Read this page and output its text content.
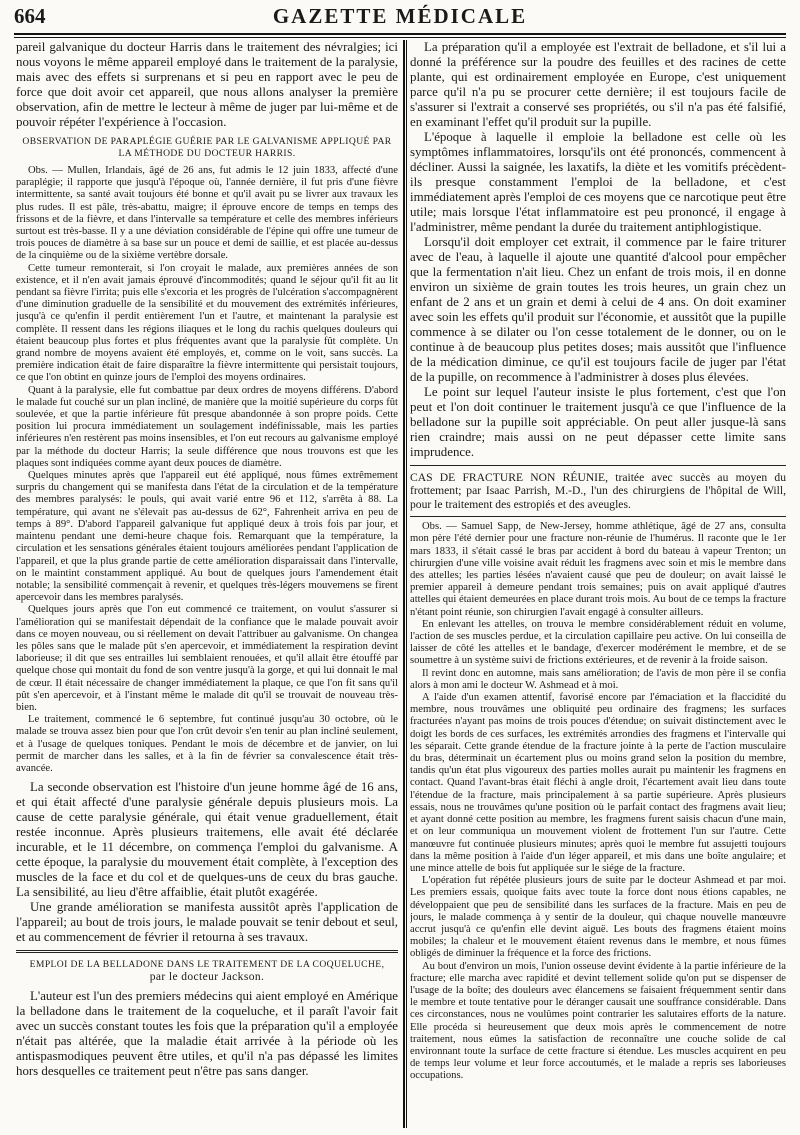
664	GAZETTE MÉDICALE

pareil galvanique du docteur Harris dans le traitement des névralgies; ici nous voyons le même appareil employé dans le traitement de la paralysie, mais avec des effets si surprenans et si peu en rapport avec le peu de force que doit avoir cet appareil, que nous allons analyser la première observation, afin de mettre le lecteur à même de juger par lui-même et de pouvoir répéter l'expérience à l'occasion.

OBSERVATION DE PARAPLÉGIE GUÉRIE PAR LE GALVANISME APPLIQUÉ PAR LA MÉTHODE DU DOCTEUR HARRIS.

Obs. — Mullen, Irlandais, âgé de 26 ans, fut admis le 12 juin 1833, affecté d'une paraplégie; il rapporte que jusqu'à l'époque où, l'année dernière, il fut pris d'une fièvre intermittente, sa santé avait toujours été bonne et qu'il avait pu se livrer aux travaux les plus rudes. Il est pâle, très-abattu, maigre; il éprouve encore de temps en temps des frissons et de la fièvre, et dans l'intervalle sa température et celle des membres inférieurs surtout est très-basse. Il y a une déviation considérable de l'épine qui offre une tumeur de trois pouces de diamètre à sa base sur un pouce et demi de saillie, et est placée au-dessus de la cinquième ou de la sixième vertèbre dorsale.

Cette tumeur remonterait, si l'on croyait le malade, aux premières années de son existence, et il n'en avait jamais éprouvé d'incommodités; quand le séjour qu'il fit au lit pendant sa fièvre l'irrita; puis elle s'excoria et les progrès de l'ulcération s'accompagnèrent d'une diminution graduelle de la sensibilité et du mouvement des extrémités inférieures, jusqu'à ce qu'enfin il perdit entièrement l'un et l'autre, et maintenant la paralysie est complète. Il ressent dans les régions iliaques et le long du rachis quelques douleurs qui étaient beaucoup plus fortes et plus fréquentes avant que la paralysie fût complète. Un grand nombre de moyens avaient été employés, et, comme on le voit, sans succès. La première indication était de faire disparaître la fièvre intermittente qui persistait toujours, ce que l'on obtint en quinze jours de l'emploi des moyens ordinaires.

Quant à la paralysie, elle fut combattue par deux ordres de moyens différens. D'abord le malade fut couché sur un plan incliné, de manière que la moitié supérieure du corps fût soulevée, et que la partie inférieure fût presque abandonnée à son propre poids. Cette position lui procura immédiatement un soulagement indéfinissable, mais les parties inférieures n'en restèrent pas moins insensibles, et l'on eut recours au galvanisme employé par la méthode du docteur Harris; la seule différence que nous trouvons est que les plaques sont indiquées comme ayant deux pouces de diamètre.

Quelques minutes après que l'appareil eut été appliqué, nous fûmes extrêmement surpris du changement qui se manifesta dans l'état de la circulation et de la température des membres paralysés: le pouls, qui avait varié entre 96 et 112, s'arrêta à 88. La température, qui avant ne s'élevait pas au-dessus de 62°, Fahrenheit arriva en peu de temps à 89°. D'abord l'appareil galvanique fut appliqué deux à trois fois par jour, et maintenu pendant une demi-heure chaque fois. Remarquant que la température, la circulation et les sensations générales étaient toujours améliorées pendant l'application de l'appareil, et que la plus grande partie de cette amélioration disparaissait dans l'intervalle, on le maintint constamment appliqué. Au bout de quelques jours l'amendement était notable; la sensibilité commençait à revenir, et quelques très-légers mouvemens se firent apercevoir dans les membres paralysés.

Quelques jours après que l'on eut commencé ce traitement, on voulut s'assurer si l'amélioration qui se manifestait dépendait de la confiance que le malade pouvait avoir dans ce moyen nouveau, ou si réellement on devait l'attribuer au galvanisme. On changea les pôles sans que le malade pût s'en apercevoir, et immédiatement la respiration devint laborieuse; il dit que ses entrailles lui semblaient renouées, et qu'il allait être étouffé par quelque chose qui montait du fond de son ventre jusqu'à la gorge, et qui lui donnait le mal de cœur. Il était nécessaire de changer immédiatement la plaque, ce que l'on fit sans qu'il pût s'en apercevoir, et à l'instant même le malade dit qu'il se trouvait de nouveau très-bien.

Le traitement, commencé le 6 septembre, fut continué jusqu'au 30 octobre, où le malade se trouva assez bien pour que l'on crût devoir s'en tenir au plan incliné seulement, et à l'usage de quelques toniques. Pendant le mois de décembre et de janvier, on lui permit de marcher dans les salles, et à la fin de février sa convalescence était très-avancée.

La seconde observation est l'histoire d'un jeune homme âgé de 16 ans, et qui était affecté d'une paralysie générale depuis plusieurs mois. La cause de cette paralysie générale, qui était venue graduellement, était restée inconnue. Après plusieurs traitemens, elle avait été déclarée incurable, et le 11 décembre, on commença l'emploi du galvanisme. A cette époque, la paralysie du mouvement était complète, à l'exception des muscles de la face et du col et de quelques-uns de ceux du bras gauche. La sensibilité, au lieu d'être affaiblie, était plutôt exagérée.

Une grande amélioration se manifesta aussitôt après l'application de l'appareil; au bout de trois jours, le malade pouvait se tenir debout et seul, et au commencement de février il retourna à ses travaux.

EMPLOI DE LA BELLADONE DANS LE TRAITEMENT DE LA COQUELUCHE,
par le docteur Jackson.

L'auteur est l'un des premiers médecins qui aient employé en Amérique la belladone dans le traitement de la coqueluche, et il paraît l'avoir fait avec un succès constant toutes les fois que la préparation qu'il a employée n'était pas altérée, que la maladie était arrivée à la période où les antispasmodiques peuvent être utiles, et qu'il n'a pas dépassé les limites hors desquelles ce traitement peut n'être pas sans danger.

La préparation qu'il a employée est l'extrait de belladone, et s'il lui a donné la préférence sur la poudre des feuilles et des racines de cette plante, qui est ordinairement employée en Europe, c'est uniquement parce qu'il n'a pu se procurer cette dernière; il est toujours facile de s'assurer si l'extrait a conservé ses propriétés, ou s'il n'a pas été falsifié, en examinant l'effet qu'il produit sur la pupille.

L'époque à laquelle il emploie la belladone est celle où les symptômes inflammatoires, lorsqu'ils ont été prononcés, commencent à décliner. Aussi la saignée, les laxatifs, la diète et les vomitifs précèdent-ils presque constamment l'emploi de la belladone, et c'est immédiatement après l'emploi de ces moyens que ce narcotique peut être utile; mais lorsque l'état inflammatoire est peu prononcé, il engage à l'administrer, même pendant la durée du traitement antiphlogistique.

Lorsqu'il doit employer cet extrait, il commence par le faire triturer avec de l'eau, à laquelle il ajoute une quantité d'alcool pour empêcher que la fermentation n'ait lieu. Chez un enfant de trois mois, il en donne environ un sixième de grain toutes les trois heures, un grain chez un enfant de 2 ans et un grain et demi à celui de 4 ans. On doit examiner avec soin les effets qu'il produit sur l'économie, et aussitôt que la pupille commence à se dilater ou l'on cesse totalement de le donner, ou on le continue à de beaucoup plus petites doses; mais aussitôt que l'influence de la médication diminue, ce qu'il est toujours facile de juger par l'état de la pupille, on recommence à l'administrer à doses plus élevées.

Le point sur lequel l'auteur insiste le plus fortement, c'est que l'on peut et l'on doit continuer le traitement jusqu'à ce que l'influence de la belladone sur la pupille soit appréciable. On peut aller jusque-là sans rien craindre; mais aussi on ne peut dépasser cette limite sans imprudence.

CAS DE FRACTURE NON RÉUNIE, traitée avec succès au moyen du frottement; par Isaac Parrish, M.-D., l'un des chirurgiens de l'hôpital de Will, pour le traitement des estropiés et des aveugles.

Obs. — Samuel Sapp, de New-Jersey, homme athlétique, âgé de 27 ans, consulta mon père l'été dernier pour une fracture non-réunie de l'humérus. Il raconte que le 1er mars 1833, il s'était cassé le bras par accident à bord du bateau à vapeur Trenton; un chirurgien d'une ville voisine avait réduit les fragmens avec soin et mis le membre dans des attelles; les parties lésées n'avaient causé que peu de douleur; on avait laissé le premier appareil à demeure pendant trois semaines; puis on avait appliqué d'autres attelles qui étaient demeurées en place durant trois mois. Au bout de ce temps la fracture n'étant point réunie, son chirurgien l'avait engagé à consulter ailleurs.

En enlevant les attelles, on trouva le membre considérablement réduit en volume, l'action de ses muscles perdue, et la circulation capillaire peu active. On lui conseilla de laisser de côté les attelles et le bandage, d'exercer modérément le membre, et de se soumettre à un système suivi de frictions extérieures, et de revenir à la froide saison.

Il revint donc en automne, mais sans amélioration; de l'avis de mon père il se confia alors à mon ami le docteur W. Ashmead et à moi.

A l'aide d'un examen attentif, favorisé encore par l'émaciation et la flaccidité du membre, nous trouvâmes une obliquité peu ordinaire des fragmens; les surfaces fracturées n'ayant pas moins de trois pouces d'étendue; on suivait distinctement avec le doigt les bords de ces surfaces, les extrémités arrondies des fragmens et l'intervalle qui les séparait. Cette grande étendue de la fracture jointe à la perte de l'action musculaire du bras, déterminait un écartement plus ou moins grand selon la position du membre, tandis qu'un état plus vigoureux des parties molles aurait pu maintenir les fragmens en contact. Quand l'avant-bras était fléchi à angle droit, l'écartement avait lieu dans toute l'étendue de la fracture, mais principalement à sa partie supérieure. Après plusieurs essais, nous ne trouvâmes qu'une position où le parfait contact des fragmens avait lieu; et ayant donné cette position au membre, les fragmens furent saisis chacun d'une main, et on leur communiqua un mouvement violent de frottement l'un sur l'autre. Cette manœuvre fut continuée plusieurs minutes; après quoi le membre fut assujetti toujours dans la même position à l'aide d'un léger appareil, et mis dans une boîte angulaire; et une mince attelle de bois fut appliquée sur le siége de la fracture.

L'opération fut répétée plusieurs jours de suite par le docteur Ashmead et par moi. Les premiers essais, quoique faits avec toute la force dont nous étions capables, ne développaient que peu de sensibilité dans les surfaces de la fracture. Mais en peu de jours, le malade commença à y sentir de la douleur, qui chaque nouvelle manœuvre accrut jusqu'à ce qu'enfin elle devint aiguë. Les bouts des fragmens étaient moins mobiles; la chaleur et le mouvement étaient revenus dans le membre, et nous fûmes obligés de diminuer la fréquence et la force des frictions.

Au bout d'environ un mois, l'union osseuse devint évidente à la partie inférieure de la fracture; elle marcha avec rapidité et devint tellement solide qu'on put se dispenser de l'usage de la boîte; des douleurs avec élancemens se faisaient fréquemment sentir dans le membre et toute tentative pour le déranger causait une souffrance considérable. Dans ces circonstances, nous ne voulûmes point contrarier les salutaires efforts de la nature. Elle procéda si heureusement que deux mois après le commencement de notre traitement, nous eûmes la satisfaction de reconnaître une couche solide de cal environnant toute la surface de cette fracture si étendue. Les muscles acquirent en peu de temps leur volume et leur force accoutumés, et le malade a repris ses laborieuses occupations.
